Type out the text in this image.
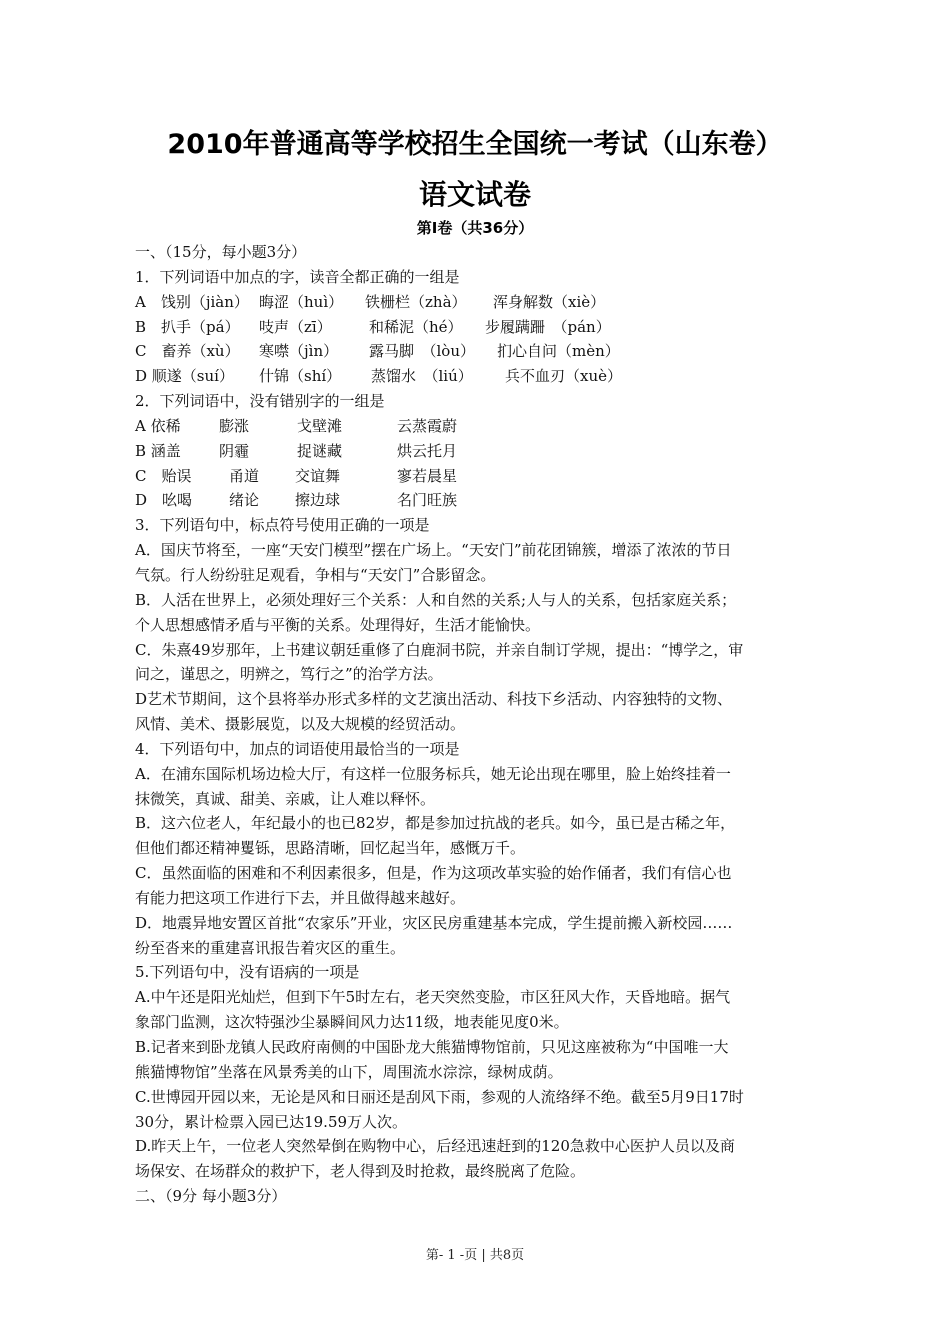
2010年普通高等学校招生全国统一考试（山东卷）
语文试卷
第Ⅰ卷（共36分）
一、（15分，每小题3分）
1．下列词语中加点的字，读音全都正确的一组是
A　饯别（jiàn） 晦涩（huì）	铁栅栏（zhà）	浑身解数（xiè）
B　扒手（pá）	吱声（zī）	和稀泥（hé）	步履蹒跚　（pán）
C　畜养（xù）	寒噤（jìn）	露马脚　（lòu）	扪心自问（mèn）
D 顺遂（suí）	什锦（shí）	蒸馏水　（liú）	兵不血刃（xuè）
2．下列词语中，没有错别字的一组是
A 依稀	膨涨	戈壁滩	云蒸霞蔚
B 涵盖	阴霾	捉谜藏	烘云托月
C　贻误	甬道	交谊舞	寥若晨星
D　吆喝	绪论	擦边球	名门旺族
3．下列语句中，标点符号使用正确的一项是
A．国庆节将至，一座“天安门模型”摆在广场上。“天安门”前花团锦簇，增添了浓浓的节日
气氛。行人纷纷驻足观看，争相与“天安门”合影留念。
B．人活在世界上，必须处理好三个关系：人和自然的关系;人与人的关系，包括家庭关系；
个人思想感情矛盾与平衡的关系。处理得好，生活才能愉快。
C．朱熹49岁那年，上书建议朝廷重修了白鹿洞书院，并亲自制订学规，提出：“博学之，审
问之，谨思之，明辨之，笃行之”的治学方法。
D艺术节期间，这个县将举办形式多样的文艺演出活动、科技下乡活动、内容独特的文物、
风情、美术、摄影展览，以及大规模的经贸活动。
4．下列语句中，加点的词语使用最恰当的一项是
A．在浦东国际机场边检大厅，有这样一位服务标兵，她无论出现在哪里，脸上始终挂着一
抹微笑，真诚、甜美、亲戚，让人难以释怀。
B．这六位老人，年纪最小的也已82岁，都是参加过抗战的老兵。如今，虽已是古稀之年，
但他们都还精神矍铄，思路清晰，回忆起当年，感慨万千。
C．虽然面临的困难和不利因素很多，但是，作为这项改革实验的始作俑者，我们有信心也
有能力把这项工作进行下去，并且做得越来越好。
D．地震异地安置区首批“农家乐”开业，灾区民房重建基本完成，学生提前搬入新校园……
纷至沓来的重建喜讯报告着灾区的重生。
5.下列语句中，没有语病的一项是
A.中午还是阳光灿烂，但到下午5时左右，老天突然变脸，市区狂风大作，天昏地暗。据气
象部门监测，这次特强沙尘暴瞬间风力达11级，地表能见度0米。
B.记者来到卧龙镇人民政府南侧的中国卧龙大熊猫博物馆前，只见这座被称为“中国唯一大
熊猫博物馆”坐落在风景秀美的山下，周围流水淙淙，绿树成荫。
C.世博园开园以来，无论是风和日丽还是刮风下雨，参观的人流络绎不绝。截至5月9日17时
30分，累计检票入园已达19.59万人次。
D.昨天上午，一位老人突然晕倒在购物中心，后经迅速赶到的120急救中心医护人员以及商
场保安、在场群众的救护下，老人得到及时抢救，最终脱离了危险。
二、（9分 每小题3分）
第- 1 -页 | 共8页
